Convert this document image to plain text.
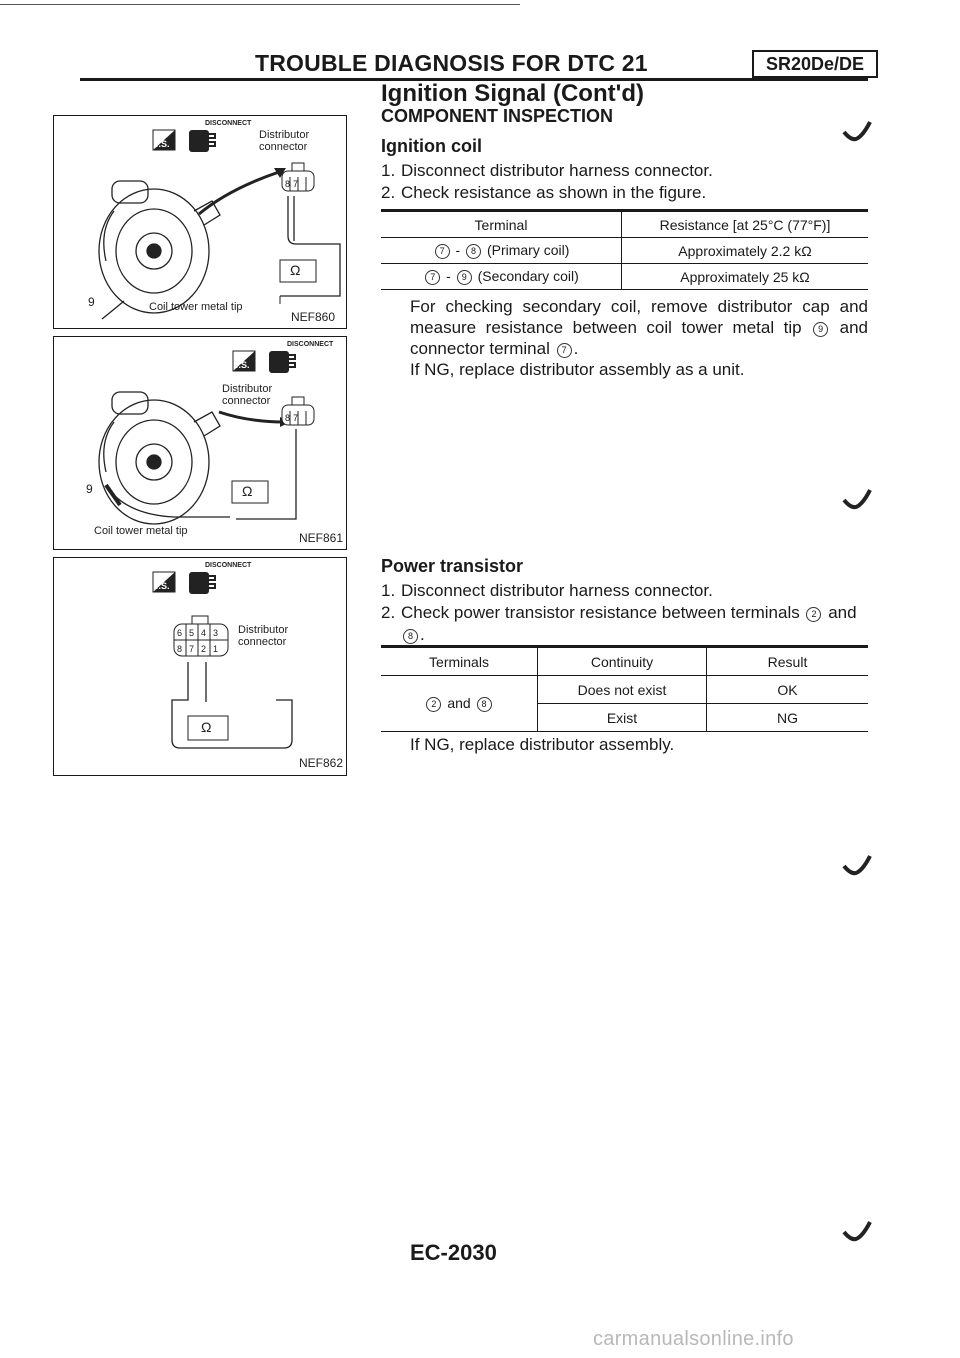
TROUBLE DIAGNOSIS FOR DTC 21	SR20De/DE
Ignition Signal (Cont'd)
COMPONENT INSPECTION
Ignition coil
1. Disconnect distributor harness connector.
2. Check resistance as shown in the figure.
Terminal	Resistance [at 25°C (77°F)]
7 - 8 (Primary coil)	Approximately 2.2 kΩ
7 - 9 (Secondary coil)	Approximately 25 kΩ
For checking secondary coil, remove distributor cap and measure resistance between coil tower metal tip 9 and connector terminal 7 .
If NG, replace distributor assembly as a unit.
Power transistor
1. Disconnect distributor harness connector.
2. Check power transistor resistance between terminals 2 and
8 .
Terminals	Continuity	Result
2 and 8	Does not exist	OK
	Exist	NG
If NG, replace distributor assembly.
DISCONNECT
T.S.
Distributor
connector
8 7
Ω
9	Coil tower metal tip
NEF860
DISCONNECT
T.S.
Distributor
connector
8 7
Ω
9
Coil tower metal tip	NEF861
DISCONNECT
T.S.
Distributor
connector
6 5 4 3
8 7 2 1
Ω
NEF862
EC-2030
carmanualsonline.info
